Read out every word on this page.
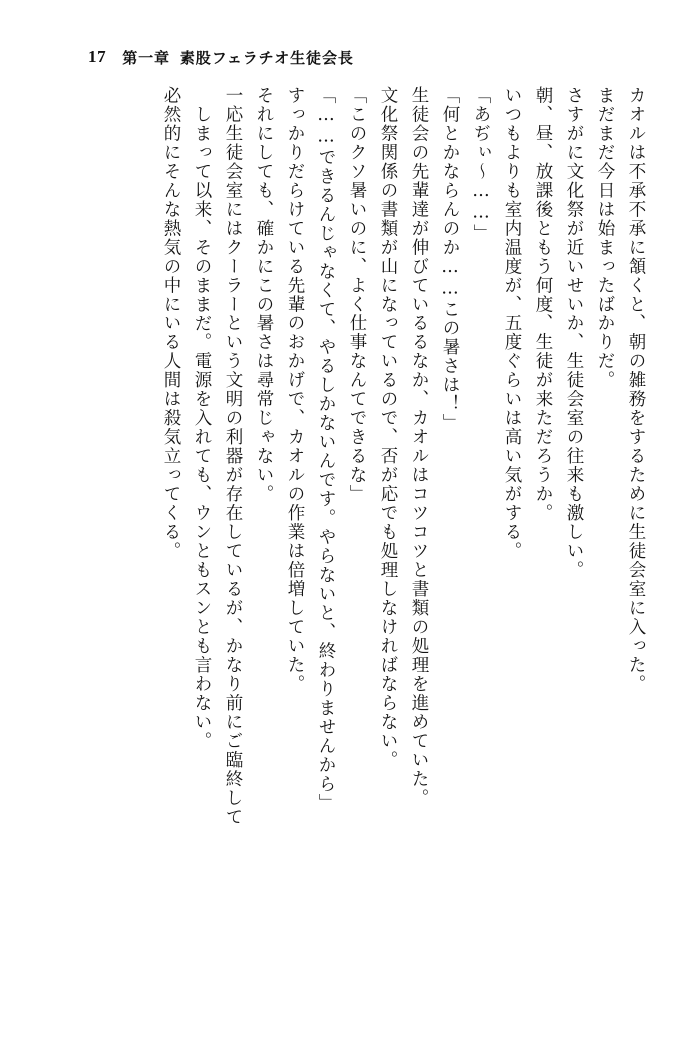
17 第一章 素股フェラチオ生徒会長
カオルは不承不承に頷くと、朝の雑務をするために生徒会室に入った。
まだまだ今日は始まったばかりだ。
さすがに文化祭が近いせいか、生徒会室の往来も激しい。
朝、昼、放課後ともう何度、生徒が来ただろうか。
いつもよりも室内温度が、五度ぐらいは高い気がする。
「あぢぃ～……」
「何とかならんのか……この暑さは！」
生徒会の先輩達が伸びているるなか、カオルはコツコツと書類の処理を進めていた。
文化祭関係の書類が山になっているので、否が応でも処理しなければならない。
「このクソ暑いのに、よく仕事なんてできるな」
「……できるんじゃなくて、やるしかないんです。やらないと、終わりませんから」
すっかりだらけている先輩のおかげで、カオルの作業は倍増していた。
それにしても、確かにこの暑さは尋常じゃない。
一応生徒会室にはクーラーという文明の利器が存在しているが、かなり前にご臨終して
しまって以来、そのままだ。電源を入れても、ウンともスンとも言わない。
必然的にそんな熱気の中にいる人間は殺気立ってくる。
